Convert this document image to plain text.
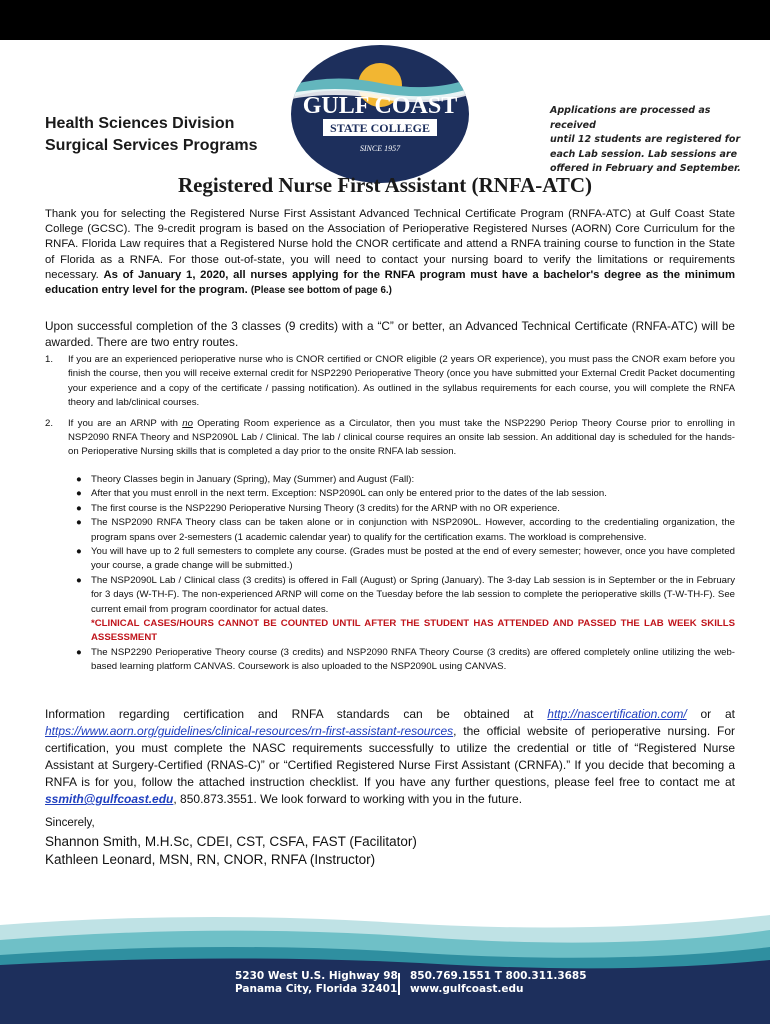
Health Sciences Division
Surgical Services Programs
GULF COAST
STATE COLLEGE
SINCE 1957
Applications are processed as received
until 12 students are registered for
each Lab session. Lab sessions are
offered in February and September.
Registered Nurse First Assistant (RNFA-ATC)
Thank you for selecting the Registered Nurse First Assistant Advanced Technical Certificate Program (RNFA-ATC) at Gulf Coast State College (GCSC). The 9-credit program is based on the Association of Perioperative Registered Nurses (AORN) Core Curriculum for the RNFA. Florida Law requires that a Registered Nurse hold the CNOR certificate and attend a RNFA training course to function in the State of Florida as a RNFA. For those out-of-state, you will need to contact your nursing board to verify the limitations or requirements necessary. As of January 1, 2020, all nurses applying for the RNFA program must have a bachelor's degree as the minimum education entry level for the program. (Please see bottom of page 6.)
Upon successful completion of the 3 classes (9 credits) with a “C” or better, an Advanced Technical Certificate (RNFA-ATC) will be awarded. There are two entry routes.
1. If you are an experienced perioperative nurse who is CNOR certified or CNOR eligible (2 years OR experience), you must pass the CNOR exam before you finish the course, then you will receive external credit for NSP2290 Perioperative Theory (once you have submitted your External Credit Packet documenting your experience and a copy of the certificate / passing notification). As outlined in the syllabus requirements for each course, you will complete the RNFA theory and lab/clinical courses.
2. If you are an ARNP with no Operating Room experience as a Circulator, then you must take the NSP2290 Periop Theory Course prior to enrolling in NSP2090 RNFA Theory and NSP2090L Lab / Clinical. The lab / clinical course requires an onsite lab session. An additional day is scheduled for the hands-on Perioperative Nursing skills that is completed a day prior to the onsite RNFA lab session.
● Theory Classes begin in January (Spring), May (Summer) and August (Fall):
● After that you must enroll in the next term. Exception: NSP2090L can only be entered prior to the dates of the lab session.
● The first course is the NSP2290 Perioperative Nursing Theory (3 credits) for the ARNP with no OR experience.
● The NSP2090 RNFA Theory class can be taken alone or in conjunction with NSP2090L. However, according to the credentialing organization, the program spans over 2-semesters (1 academic calendar year) to qualify for the certification exams. The workload is comprehensive.
● You will have up to 2 full semesters to complete any course. (Grades must be posted at the end of every semester; however, once you have completed your course, a grade change will be submitted.)
● The NSP2090L Lab / Clinical class (3 credits) is offered in Fall (August) or Spring (January). The 3-day Lab session is in September or the in February for 3 days (W-TH-F). The non-experienced ARNP will come on the Tuesday before the lab session to complete the perioperative skills (T-W-TH-F). See current email from program coordinator for actual dates.
*CLINICAL CASES/HOURS CANNOT BE COUNTED UNTIL AFTER THE STUDENT HAS ATTENDED AND PASSED THE LAB WEEK SKILLS ASSESSMENT
● The NSP2290 Perioperative Theory course (3 credits) and NSP2090 RNFA Theory Course (3 credits) are offered completely online utilizing the web-based learning platform CANVAS. Coursework is also uploaded to the NSP2090L using CANVAS.
Information regarding certification and RNFA standards can be obtained at http://nascertification.com/ or at https://www.aorn.org/guidelines/clinical-resources/rn-first-assistant-resources, the official website of perioperative nursing. For certification, you must complete the NASC requirements successfully to utilize the credential or title of “Registered Nurse Assistant at Surgery-Certified (RNAS-C)” or “Certified Registered Nurse First Assistant (CRNFA).” If you decide that becoming a RNFA is for you, follow the attached instruction checklist. If you have any further questions, please feel free to contact me at ssmith@gulfcoast.edu, 850.873.3551. We look forward to working with you in the future.
Sincerely,
Shannon Smith, M.H.Sc, CDEI, CST, CSFA, FAST (Facilitator)
Kathleen Leonard, MSN, RN, CNOR, RNFA (Instructor)
5230 West U.S. Highway 98
Panama City, Florida 32401
850.769.1551 T 800.311.3685
www.gulfcoast.edu
